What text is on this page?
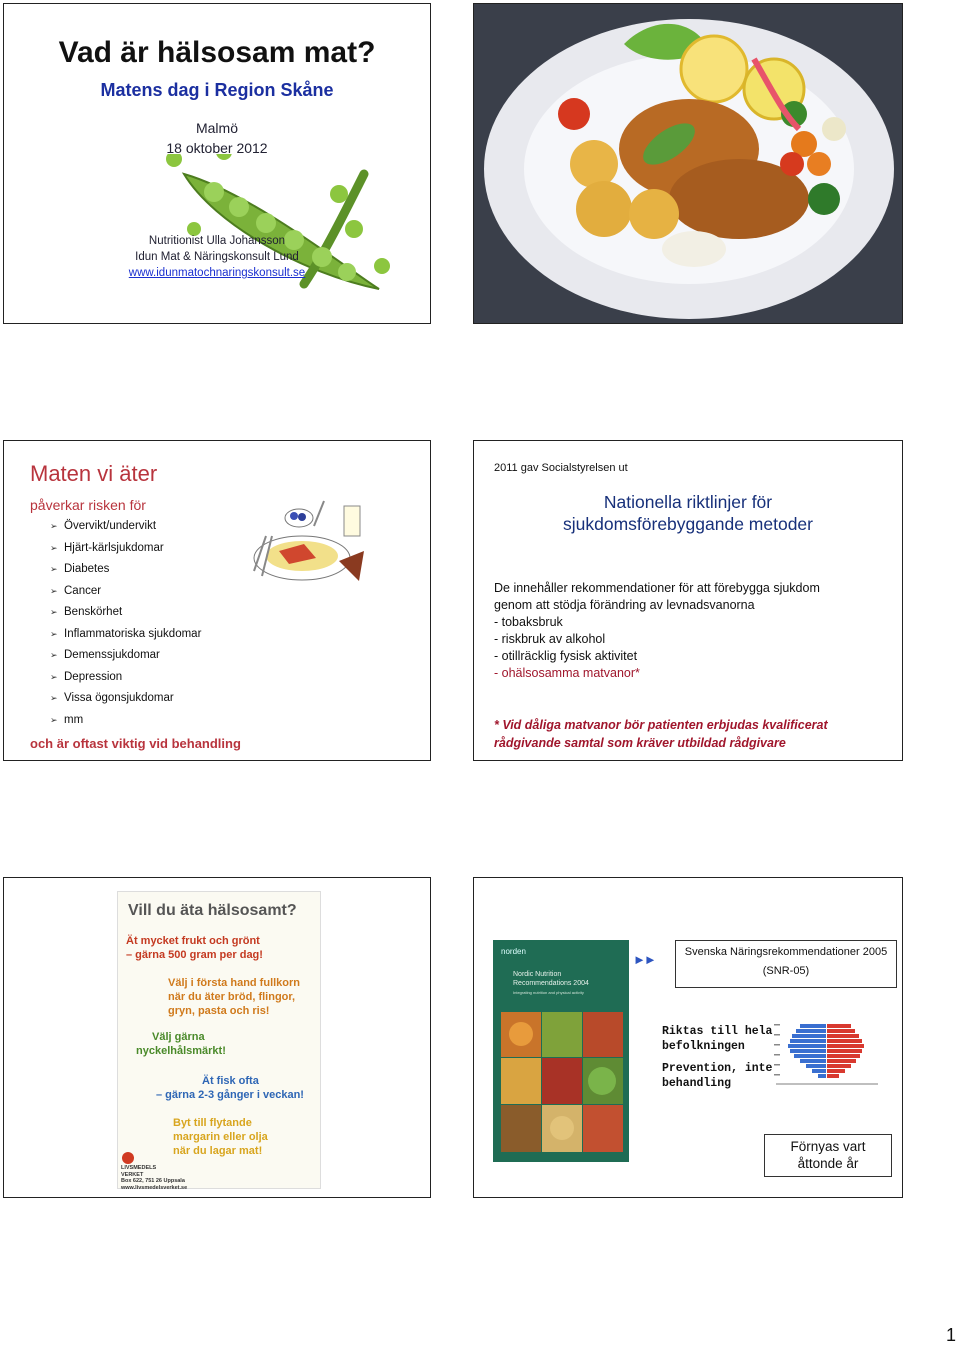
Vad är hälsosam mat?
Matens dag i Region Skåne
Malmö
18 oktober 2012
Nutritionist Ulla Johansson
Idun Mat & Näringskonsult Lund
www.idunmatochnaringskonsult.se
Maten vi äter
påverkar risken för
➢ Övervikt/undervikt
➢ Hjärt-kärlsjukdomar
➢ Diabetes
➢ Cancer
➢ Benskörhet
➢ Inflammatoriska sjukdomar
➢ Demenssjukdomar
➢ Depression
➢ Vissa ögonsjukdomar
➢ mm
och är oftast viktig vid behandling
2011 gav Socialstyrelsen ut
Nationella riktlinjer för
sjukdomsförebyggande metoder
De innehåller rekommendationer för att förebygga sjukdom
genom att stödja förändring av levnadsvanorna
- tobaksbruk
- riskbruk av alkohol
- otillräcklig fysisk aktivitet
- ohälsosamma matvanor*
* Vid dåliga matvanor bör patienten erbjudas kvalificerat
rådgivande samtal som kräver utbildad rådgivare
Vill du äta hälsosamt?
Ät mycket frukt och grönt
– gärna 500 gram per dag!
Välj i första hand fullkorn
när du äter bröd, flingor,
gryn, pasta och ris!
Välj gärna
nyckelhålsmärkt!
Ät fisk ofta
– gärna 2-3 gånger i veckan!
Byt till flytande
margarin eller olja
när du lagar mat!
LIVSMEDELS
VERKET
Box 622, 751 26 Uppsala
www.livsmedelsverket.se
norden
Nordic Nutrition
Recommendations 2004
Integrating nutrition and physical activity
►►	Svenska Näringsrekommendationer 2005
(SNR-05)
Riktas till hela
befolkningen
Prevention, inte
behandling
Förnyas vart
åttonde år
1
